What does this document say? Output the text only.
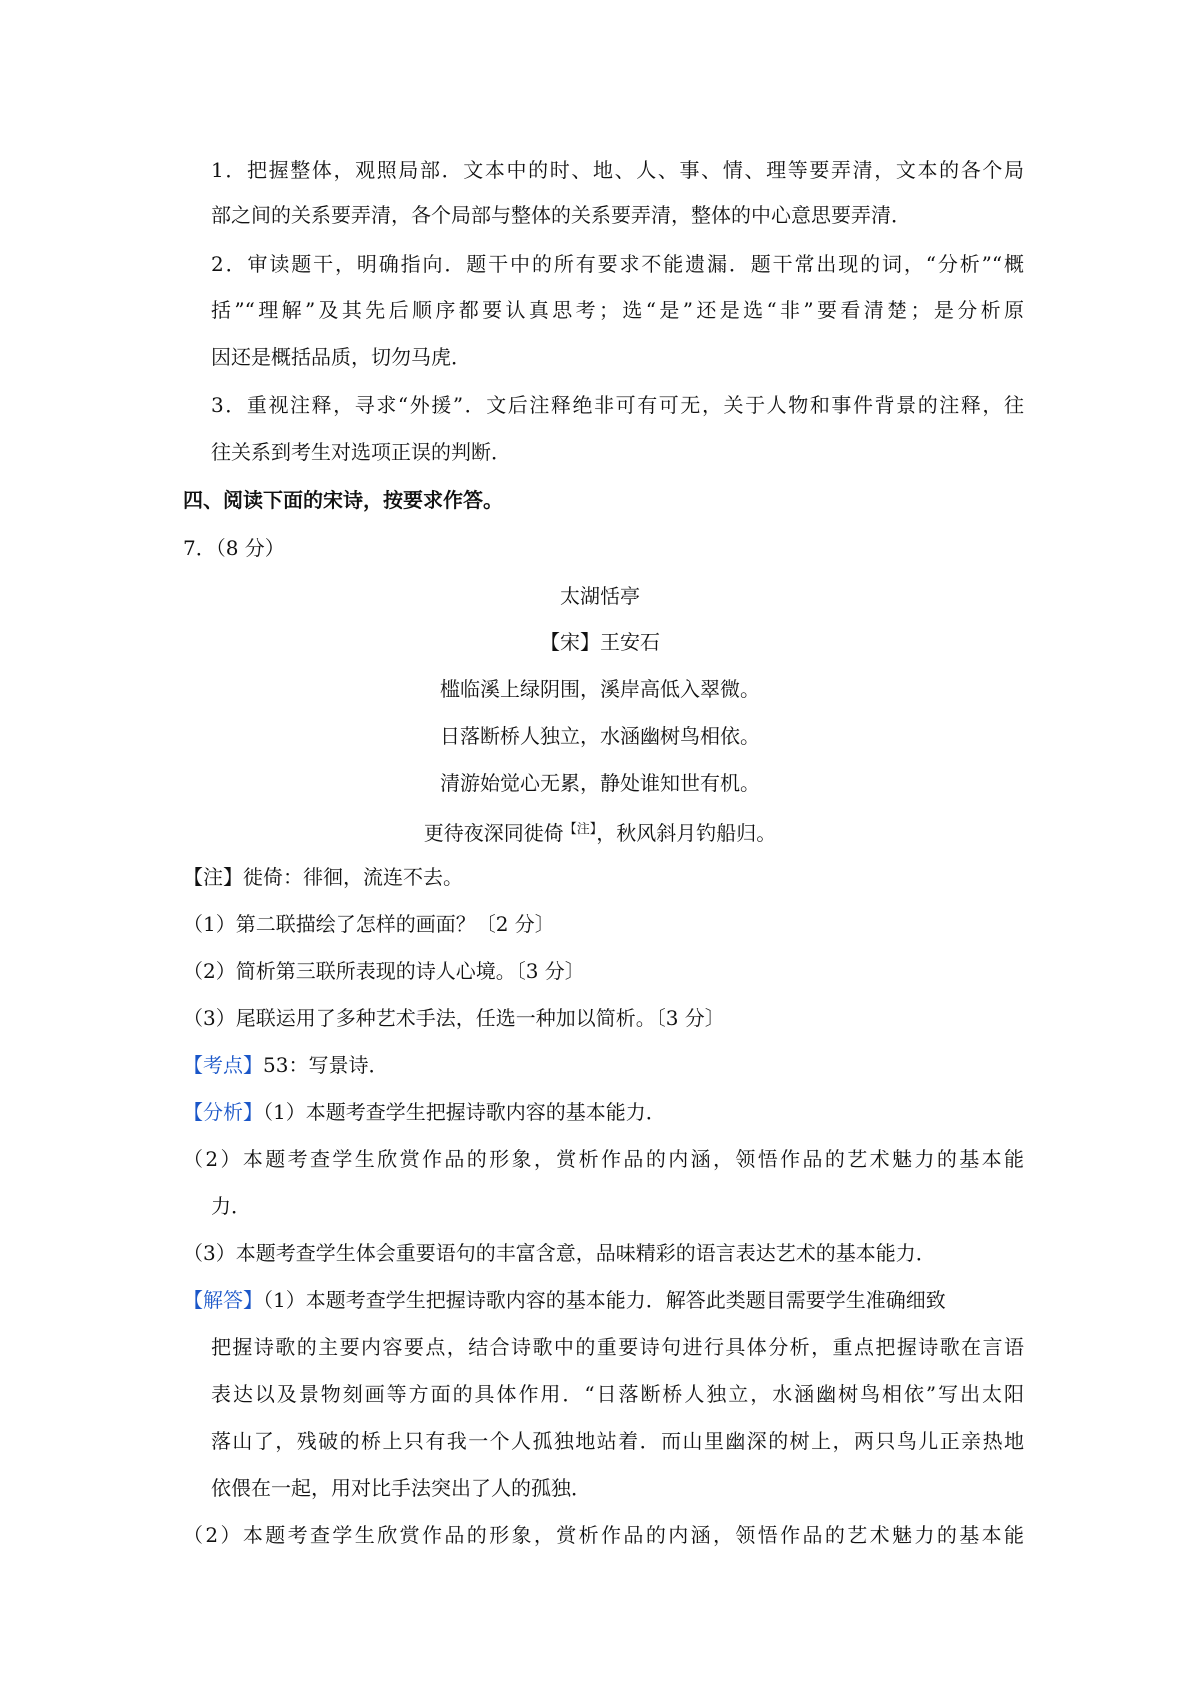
1．把握整体，观照局部．文本中的时、地、人、事、情、理等要弄清，文本的各个局
部之间的关系要弄清，各个局部与整体的关系要弄清，整体的中心意思要弄清．
2．审读题干，明确指向．题干中的所有要求不能遗漏．题干常出现的词，“分析”“概
括”“理解”及其先后顺序都要认真思考；选“是”还是选“非”要看清楚；是分析原
因还是概括品质，切勿马虎．
3．重视注释，寻求“外援”．文后注释绝非可有可无，关于人物和事件背景的注释，往
往关系到考生对选项正误的判断．
四、阅读下面的宋诗，按要求作答。
7．（8 分）
太湖恬亭
【宋】王安石
槛临溪上绿阴围，溪岸高低入翠微。
日落断桥人独立，水涵幽树鸟相依。
清游始觉心无累，静处谁知世有机。
更待夜深同徙倚$^{【注】}$，秋风斜月钓船归。
【注】徙倚：徘徊，流连不去。
（1）第二联描绘了怎样的画面？〔2 分〕
（2）简析第三联所表现的诗人心境。〔3 分〕
（3）尾联运用了多种艺术手法，任选一种加以简析。〔3 分〕
【考点】53：写景诗．
【分析】（1）本题考查学生把握诗歌内容的基本能力．
（2）本题考查学生欣赏作品的形象，赏析作品的内涵，领悟作品的艺术魅力的基本能
力．
（3）本题考查学生体会重要语句的丰富含意，品味精彩的语言表达艺术的基本能力．
【解答】（1）本题考查学生把握诗歌内容的基本能力．解答此类题目需要学生准确细致
把握诗歌的主要内容要点，结合诗歌中的重要诗句进行具体分析，重点把握诗歌在言语
表达以及景物刻画等方面的具体作用．“日落断桥人独立，水涵幽树鸟相依”写出太阳
落山了，残破的桥上只有我一个人孤独地站着．而山里幽深的树上，两只鸟儿正亲热地
依偎在一起，用对比手法突出了人的孤独．
（2）本题考查学生欣赏作品的形象，赏析作品的内涵，领悟作品的艺术魅力的基本能
